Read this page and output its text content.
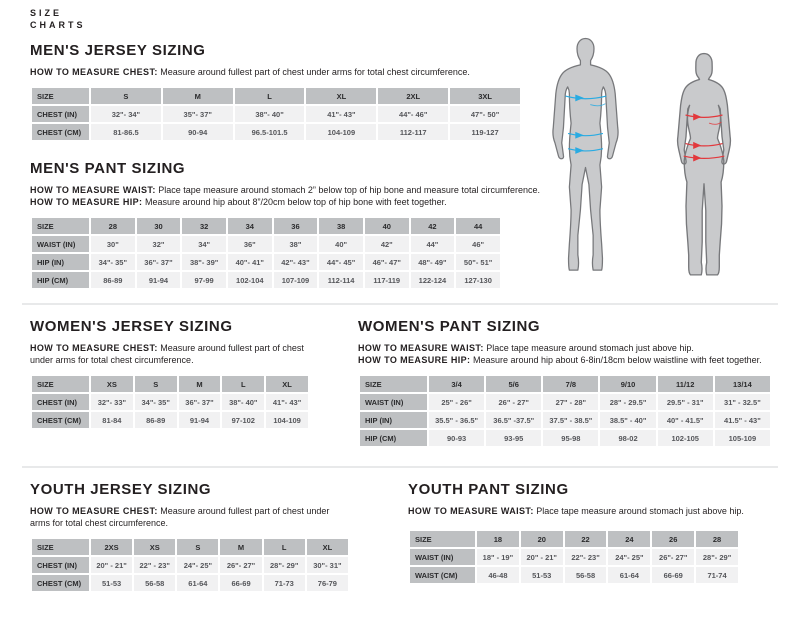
SIZE
CHARTS
MEN'S JERSEY SIZING

HOW TO MEASURE CHEST: Measure around fullest part of chest under arms for total chest circumference.

SIZE	S	M	L	XL	2XL	3XL
CHEST (IN)	32"- 34"	35"- 37"	38"- 40"	41"- 43"	44"- 46"	47"- 50"
CHEST (CM)	81-86.5	90-94	96.5-101.5	104-109	112-117	119-127
MEN'S PANT SIZING

HOW TO MEASURE WAIST: Place tape measure around stomach 2” below top of hip bone and measure total circumference.

HOW TO MEASURE HIP: Measure around hip about 8”/20cm below top of hip bone with feet together.

SIZE	28	30	32	34	36	38	40	42	44
WAIST (IN)	30"	32"	34"	36"	38"	40"	42"	44"	46"
HIP (IN)	34"- 35"	36"- 37"	38"- 39"	40"- 41"	42"- 43"	44"- 45"	46"- 47"	48"- 49"	50"- 51"
HIP (CM)	86-89	91-94	97-99	102-104	107-109	112-114	117-119	122-124	127-130
WOMEN'S JERSEY SIZING

HOW TO MEASURE CHEST: Measure around fullest part of chest under arms for total chest circumference.

SIZE	XS	S	M	L	XL
CHEST (IN)	32"- 33"	34"- 35"	36"- 37"	38"- 40"	41"- 43"
CHEST (CM)	81-84	86-89	91-94	97-102	104-109
WOMEN'S PANT SIZING

HOW TO MEASURE WAIST: Place tape measure around stomach just above hip.

HOW TO MEASURE HIP: Measure around hip about 6-8in/18cm below waistline with feet together.

SIZE	3/4	5/6	7/8	9/10	11/12	13/14
WAIST (IN)	25" - 26"	26" - 27"	27" - 28"	28" - 29.5"	29.5" - 31"	31" - 32.5"
HIP (IN)	35.5" - 36.5"	36.5" -37.5"	37.5" - 38.5"	38.5" - 40"	40" - 41.5"	41.5" - 43"
HIP (CM)	90-93	93-95	95-98	98-02	102-105	105-109
YOUTH JERSEY SIZING

HOW TO MEASURE CHEST: Measure around fullest part of chest under arms for total chest circumference.

SIZE	2XS	XS	S	M	L	XL
CHEST (IN)	20" - 21"	22" - 23"	24"- 25"	26"- 27"	28"- 29"	30"- 31"
CHEST (CM)	51-53	56-58	61-64	66-69	71-73	76-79
YOUTH PANT SIZING

HOW TO MEASURE WAIST: Place tape measure around stomach just above hip.

SIZE	18	20	22	24	26	28
WAIST (IN)	18" - 19"	20" - 21"	22"- 23"	24"- 25"	26"- 27"	28"- 29"
WAIST (CM)	46-48	51-53	56-58	61-64	66-69	71-74
